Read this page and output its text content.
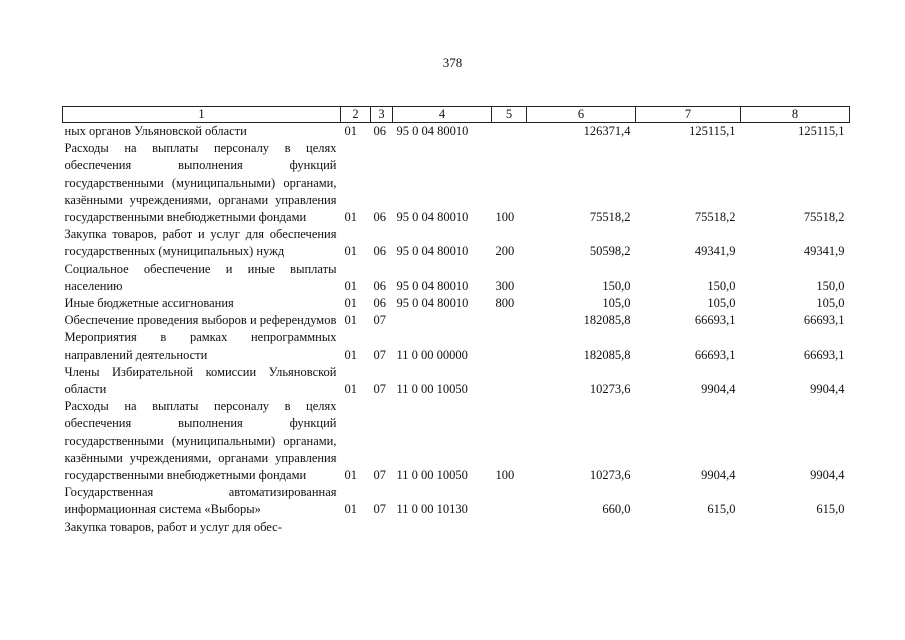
378
1	2	3	4	5	6	7	8
ных органов Ульяновской области	01	06	95 0 04 80010		126371,4	125115,1	125115,1
Расходы на выплаты персоналу в целях обеспечения выполнения функций государственными (муниципальными) органами, казёнными учреждениями, органами управления государственными внебюджетными фондами	01	06	95 0 04 80010	100	75518,2	75518,2	75518,2
Закупка товаров, работ и услуг для обеспечения государственных (муниципальных) нужд	01	06	95 0 04 80010	200	50598,2	49341,9	49341,9
Социальное обеспечение и иные выплаты населению	01	06	95 0 04 80010	300	150,0	150,0	150,0
Иные бюджетные ассигнования	01	06	95 0 04 80010	800	105,0	105,0	105,0
Обеспечение проведения выборов и референдумов	01	07			182085,8	66693,1	66693,1
Мероприятия в рамках непрограммных направлений деятельности	01	07	11 0 00 00000		182085,8	66693,1	66693,1
Члены Избирательной комиссии Ульяновской области	01	07	11 0 00 10050		10273,6	9904,4	9904,4
Расходы на выплаты персоналу в целях обеспечения выполнения функций государственными (муниципальными) органами, казёнными учреждениями, органами управления государственными внебюджетными фондами	01	07	11 0 00 10050	100	10273,6	9904,4	9904,4
Государственная автоматизированная информационная система «Выборы»	01	07	11 0 00 10130		660,0	615,0	615,0
Закупка товаров, работ и услуг для обес-							
